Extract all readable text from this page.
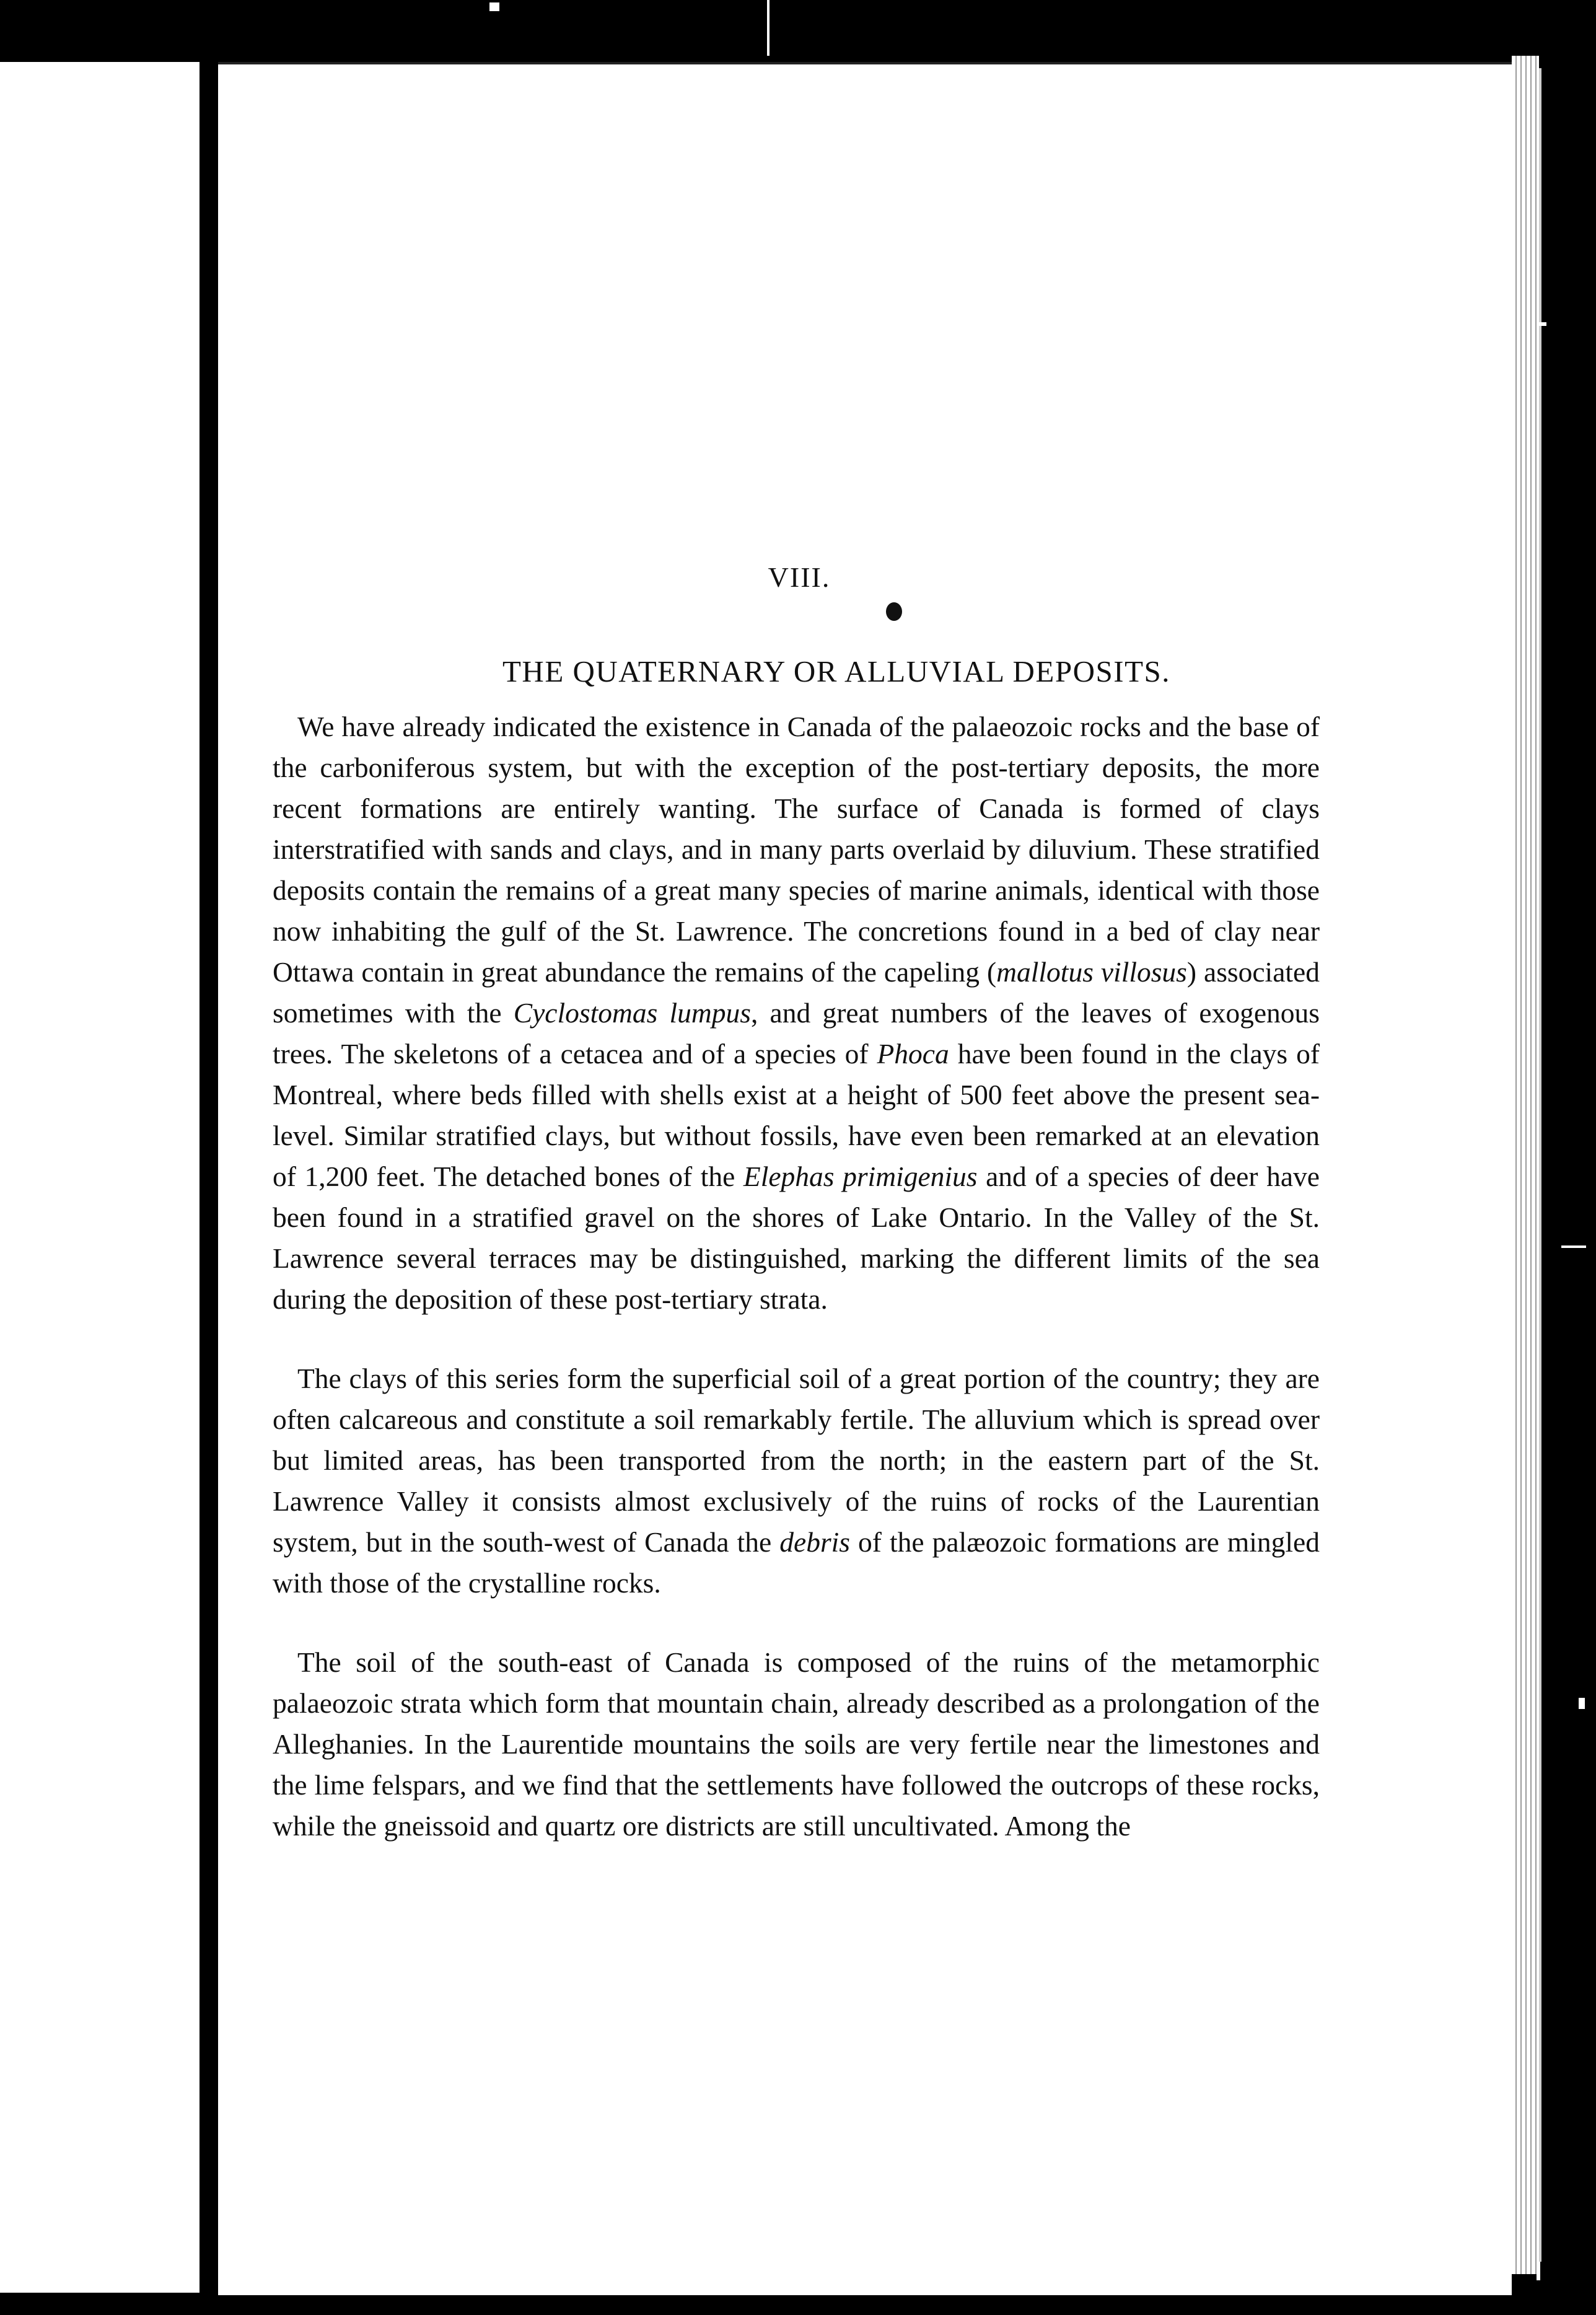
VIII.
THE QUATERNARY OR ALLUVIAL DEPOSITS.

We have already indicated the existence in Canada of the palaeozoic rocks and the base of the carboniferous system, but with the exception of the post-tertiary deposits, the more recent formations are entirely wanting. The surface of Canada is formed of clays interstratified with sands and clays, and in many parts overlaid by diluvium. These stratified deposits contain the remains of a great many species of marine animals, identical with those now inhabiting the gulf of the St. Lawrence. The concretions found in a bed of clay near Ottawa contain in great abundance the remains of the capeling (mallotus villosus) associated sometimes with the Cyclostomas lumpus, and great numbers of the leaves of exogenous trees. The skeletons of a cetacea and of a species of Phoca have been found in the clays of Montreal, where beds filled with shells exist at a height of 500 feet above the present sea-level. Similar stratified clays, but without fossils, have even been remarked at an elevation of 1,200 feet. The detached bones of the Elephas primigenius and of a species of deer have been found in a stratified gravel on the shores of Lake Ontario. In the Valley of the St. Lawrence several terraces may be distinguished, marking the different limits of the sea during the deposition of these post-tertiary strata.

The clays of this series form the superficial soil of a great portion of the country; they are often calcareous and constitute a soil remarkably fertile. The alluvium which is spread over but limited areas, has been transported from the north; in the eastern part of the St. Lawrence Valley it consists almost exclusively of the ruins of rocks of the Laurentian system, but in the south-west of Canada the debris of the palæozoic formations are mingled with those of the crystalline rocks.

The soil of the south-east of Canada is composed of the ruins of the metamorphic palaeozoic strata which form that mountain chain, already described as a prolongation of the Alleghanies. In the Laurentide mountains the soils are very fertile near the limestones and the lime felspars, and we find that the settlements have followed the outcrops of these rocks, while the gneissoid and quartz ore districts are still uncultivated. Among the
